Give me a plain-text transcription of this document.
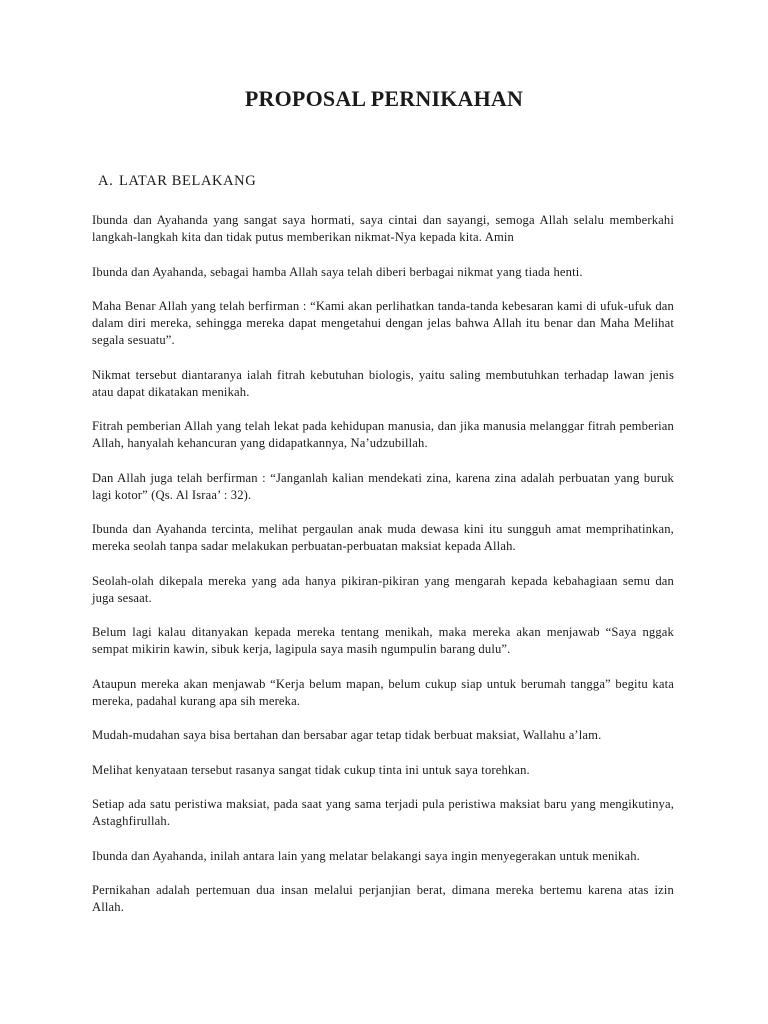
PROPOSAL PERNIKAHAN
A. LATAR BELAKANG

Ibunda dan Ayahanda yang sangat saya hormati, saya cintai dan sayangi, semoga Allah selalu memberkahi langkah-langkah kita dan tidak putus memberikan nikmat-Nya kepada kita. Amin

Ibunda dan Ayahanda, sebagai hamba Allah saya telah diberi berbagai nikmat yang tiada henti.

Maha Benar Allah yang telah berfirman : “Kami akan perlihatkan tanda-tanda kebesaran kami di ufuk-ufuk dan dalam diri mereka, sehingga mereka dapat mengetahui dengan jelas bahwa Allah itu benar dan Maha Melihat segala sesuatu”.

Nikmat tersebut diantaranya ialah fitrah kebutuhan biologis, yaitu saling membutuhkan terhadap lawan jenis atau dapat dikatakan menikah.

Fitrah pemberian Allah yang telah lekat pada kehidupan manusia, dan jika manusia melanggar fitrah pemberian Allah, hanyalah kehancuran yang didapatkannya, Na’udzubillah.

Dan Allah juga telah berfirman : “Janganlah kalian mendekati zina, karena zina adalah perbuatan yang buruk lagi kotor” (Qs. Al Israa’ : 32).

Ibunda dan Ayahanda tercinta, melihat pergaulan anak muda dewasa kini itu sungguh amat memprihatinkan, mereka seolah tanpa sadar melakukan perbuatan-perbuatan maksiat kepada Allah.

Seolah-olah dikepala mereka yang ada hanya pikiran-pikiran yang mengarah kepada kebahagiaan semu dan juga sesaat.

Belum lagi kalau ditanyakan kepada mereka tentang menikah, maka mereka akan menjawab “Saya nggak sempat mikirin kawin, sibuk kerja, lagipula saya masih ngumpulin barang dulu”.

Ataupun mereka akan menjawab “Kerja belum mapan, belum cukup siap untuk berumah tangga” begitu kata mereka, padahal kurang apa sih mereka.

Mudah-mudahan saya bisa bertahan dan bersabar agar tetap tidak berbuat maksiat, Wallahu a’lam.

Melihat kenyataan tersebut rasanya sangat tidak cukup tinta ini untuk saya torehkan.

Setiap ada satu peristiwa maksiat, pada saat yang sama terjadi pula peristiwa maksiat baru yang mengikutinya, Astaghfirullah.

Ibunda dan Ayahanda, inilah antara lain yang melatar belakangi saya ingin menyegerakan untuk menikah.

Pernikahan adalah pertemuan dua insan melalui perjanjian berat, dimana mereka bertemu karena atas izin Allah.
